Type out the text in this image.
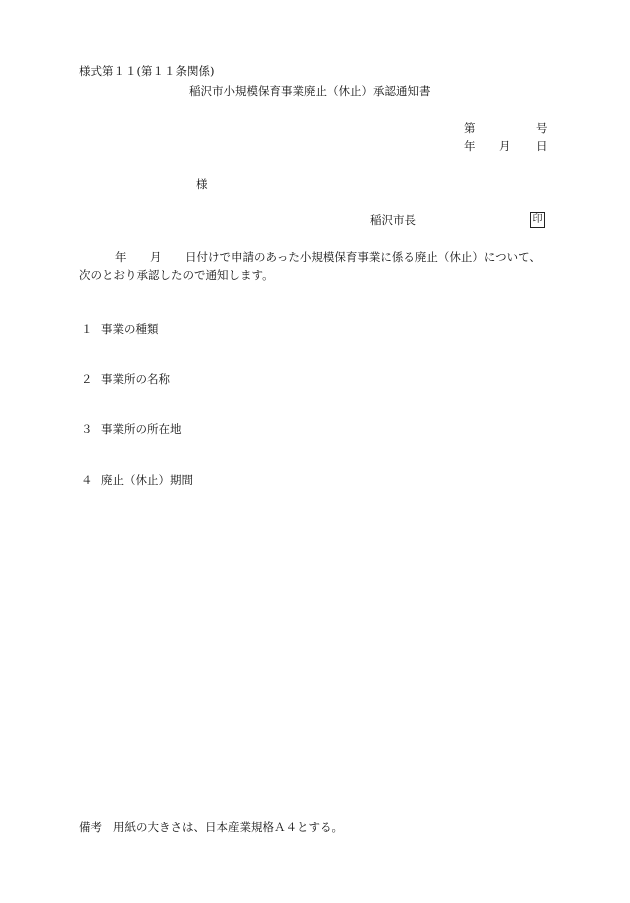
様式第１１(第１１条関係)
稲沢市小規模保育事業廃止（休止）承認通知書
第	号
年 月 日
様
稲沢市長	印
年 月 日付けで申請のあった小規模保育事業に係る廃止（休止）について、
次のとおり承認したので通知します。
１ 事業の種類
２ 事業所の名称
３ 事業所の所在地
４ 廃止（休止）期間
備考 用紙の大きさは、日本産業規格Ａ４とする。
